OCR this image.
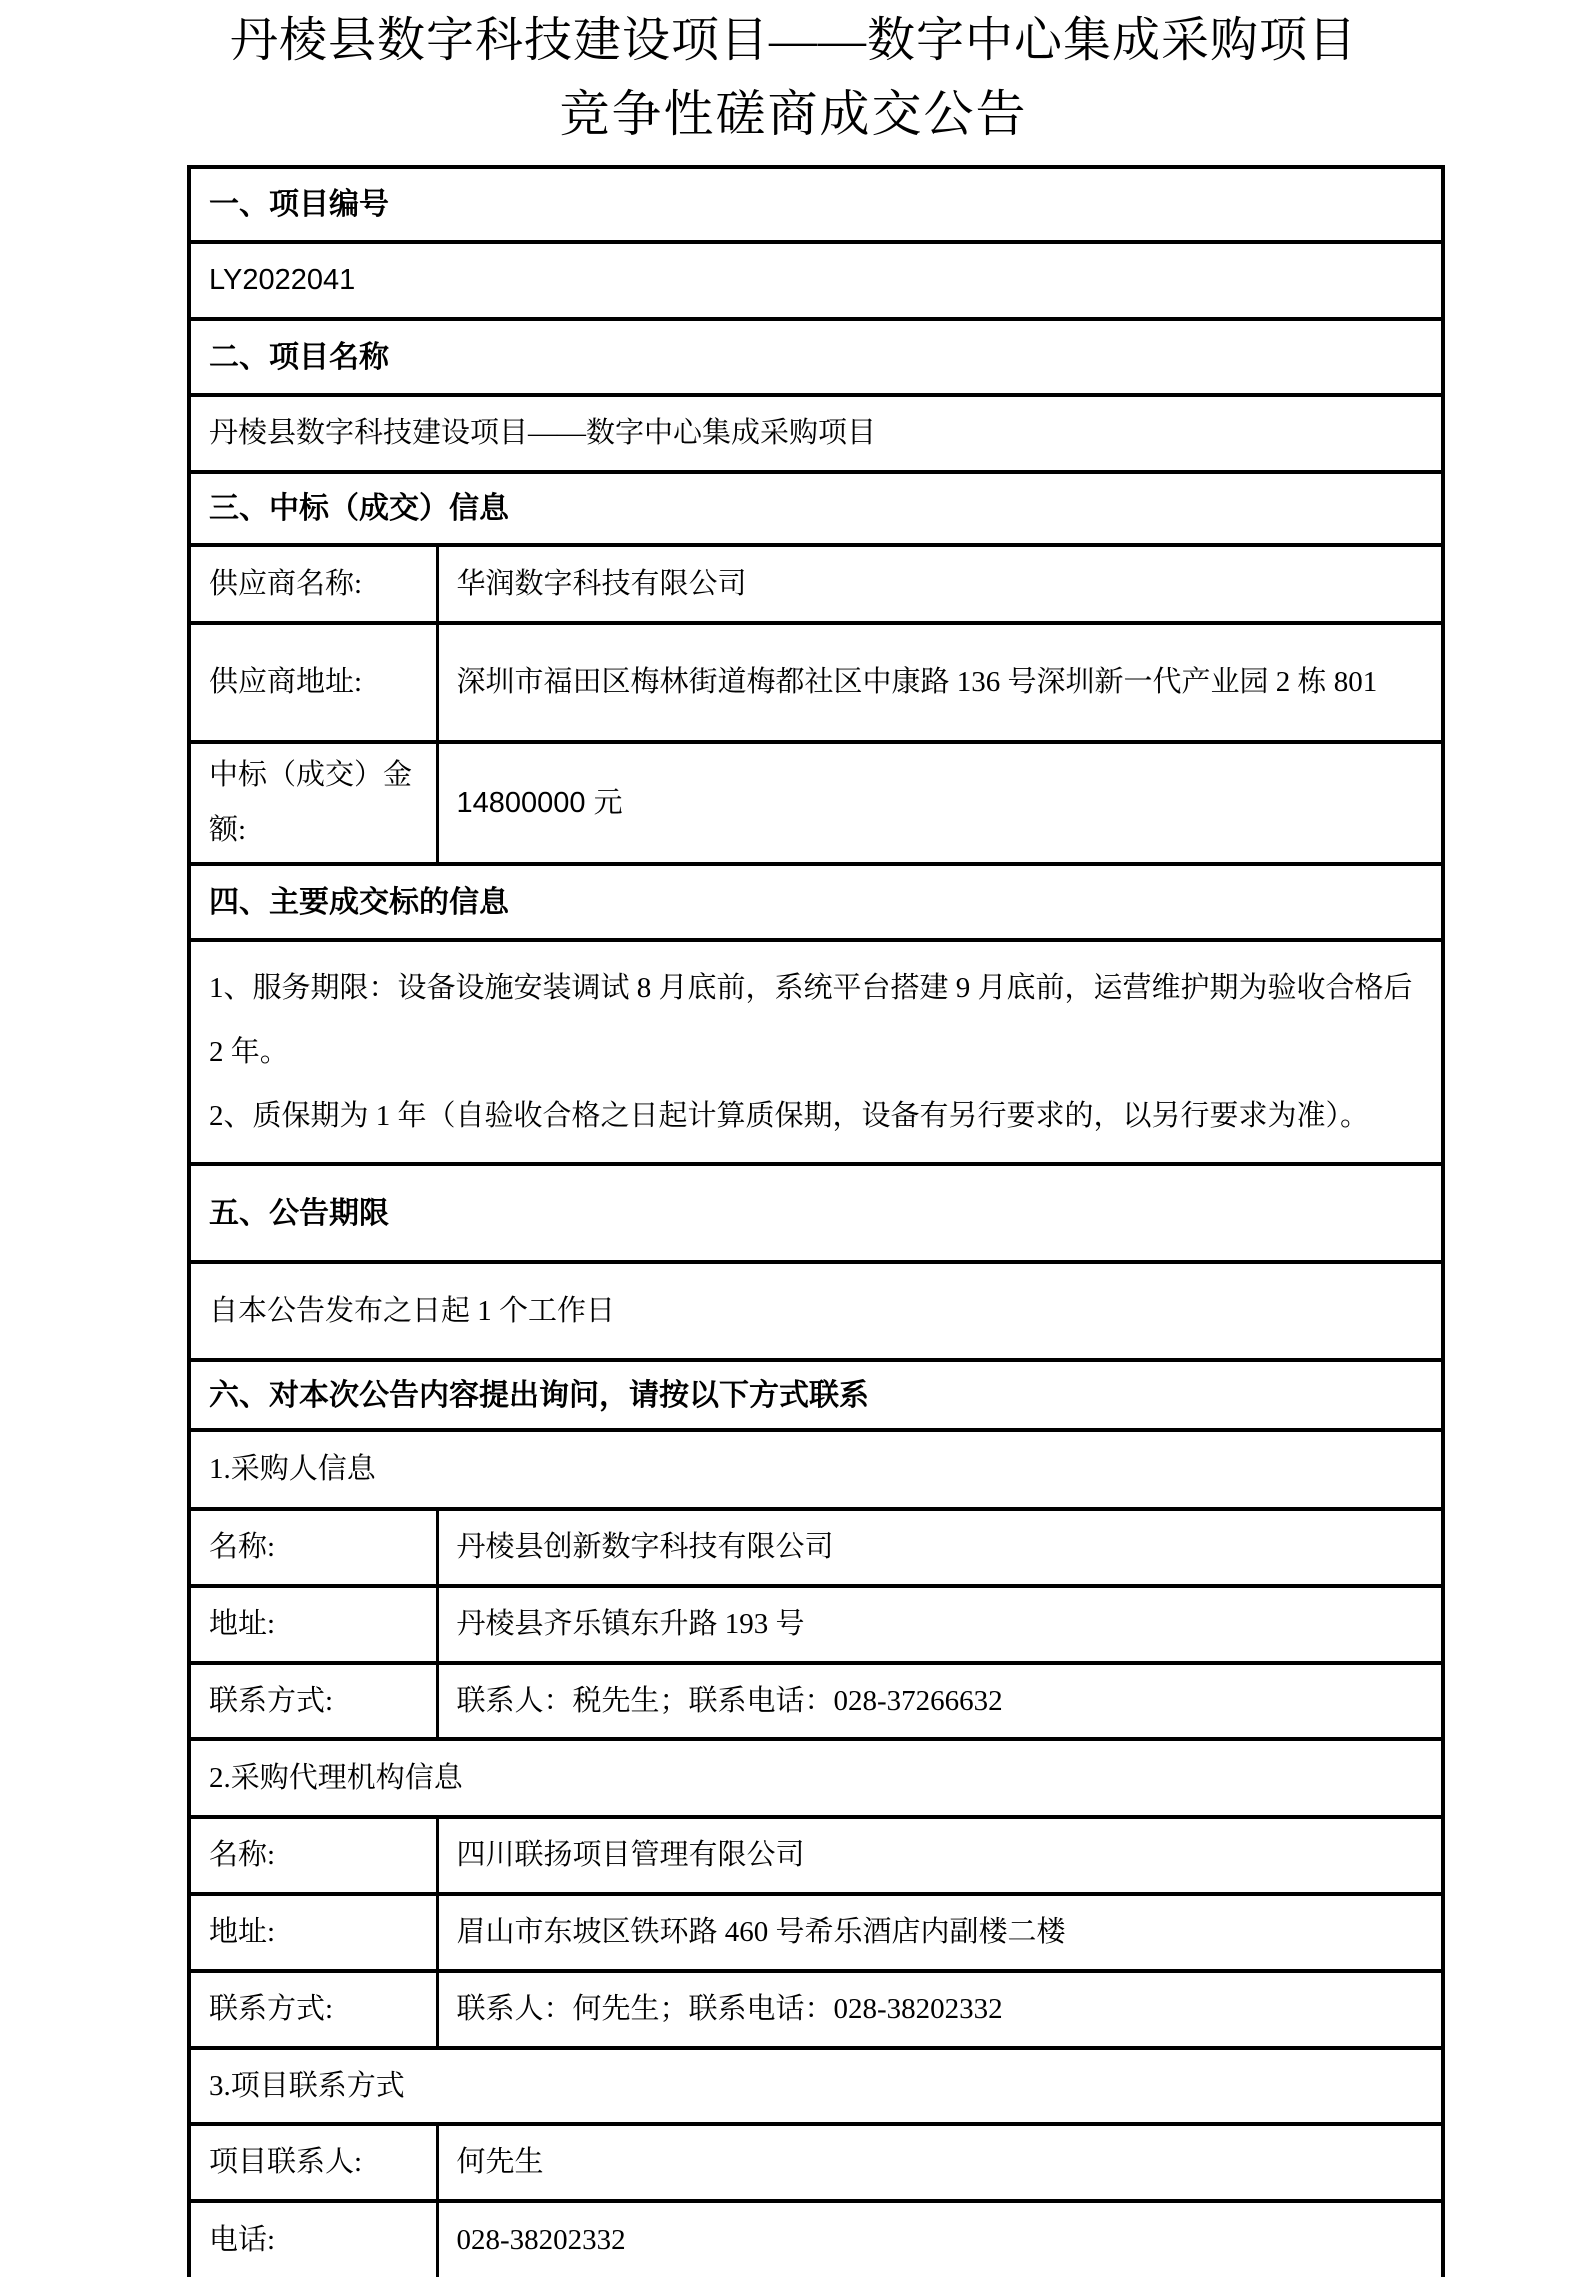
丹棱县数字科技建设项目——数字中心集成采购项目
竞争性磋商成交公告
一、项目编号	
LY2022041	
二、项目名称	
丹棱县数字科技建设项目——数字中心集成采购项目	
三、中标（成交）信息	
供应商名称:	华润数字科技有限公司
供应商地址:	深圳市福田区梅林街道梅都社区中康路 136 号深圳新一代产业园 2 栋 801
中标（成交）金额:	14800000 元
四、主要成交标的信息	

1、服务期限：设备设施安装调试 8 月底前，系统平台搭建 9 月底前，运营维护期为验收合格后 2 年。

2、质保期为 1 年（自验收合格之日起计算质保期，设备有另行要求的，以另行要求为准）。	

五、公告期限	
自本公告发布之日起 1 个工作日	
六、对本次公告内容提出询问，请按以下方式联系	
1.采购人信息	
名称:	丹棱县创新数字科技有限公司
地址:	丹棱县齐乐镇东升路 193 号
联系方式:	联系人：税先生；联系电话：028-37266632
2.采购代理机构信息	
名称:	四川联扬项目管理有限公司
地址:	眉山市东坡区铁环路 460 号希乐酒店内副楼二楼
联系方式:	联系人：何先生；联系电话：028-38202332
3.项目联系方式	
项目联系人:	何先生
电话:	028-38202332
